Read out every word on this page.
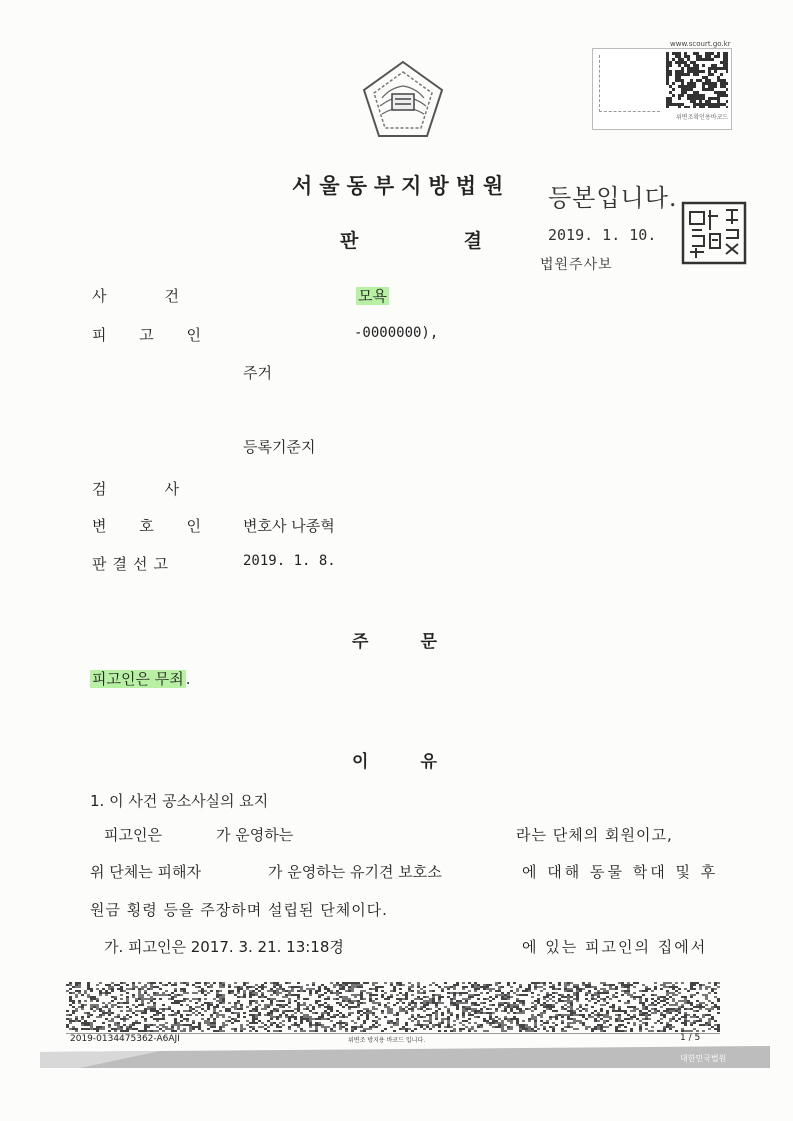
www.scourt.go.kr
위변조확인용바코드
서울동부지방법원
판	결
등본입니다.
2019. 1. 10.
법원주사보
사건	모욕
피 고 인	-0000000),
주거
등록기준지
검사
변 호 인 변호사 나종혁
판결선고	2019. 1. 8.
주	문
피고인은 무죄 .
이	유
1. 이 사건 공소사실의 요지
피고인은	가 운영하는	라는 단체의 회원이고,
위 단체는 피해자	가 운영하는 유기견 보호소	에 대해 동물 학대 및 후
원금 횡령 등을 주장하며 설립된 단체이다.
가. 피고인은 2017. 3. 21. 13:18경	에 있는 피고인의 집에서
2019-0134475362-A6AJI	위변조 방지용 바코드 입니다.	1 / 5
대한민국법원
